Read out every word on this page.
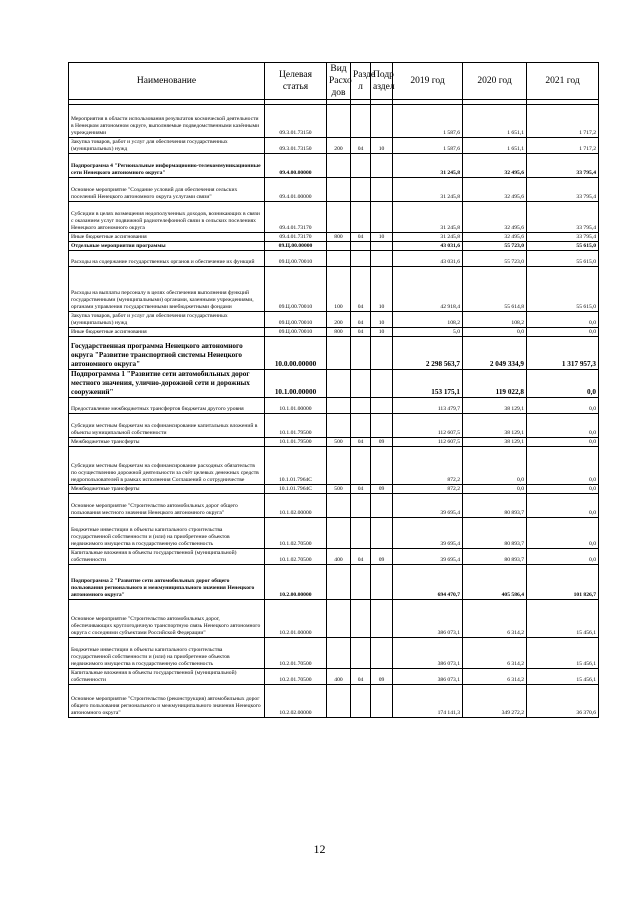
Наименование	Целевая статья	Вид Расхо дов	Разде л	Подр аздел	2019 год	2020 год	2021 год

Мероприятия в области использования результатов космической деятельности в Ненецком автономном округе, выполняемые подведомственными казёнными учреждениями	09.3.01.73150				1 587,6	1 651,1	1 717,2
Закупка товаров, работ и услуг для обеспечения государственных (муниципальных) нужд	09.3.01.73150	200	04	10	1 587,6	1 651,1	1 717,2
Подпрограмма 4 "Региональные информационно-телекоммуникационные сети Ненецкого автономного округа"	09.4.00.00000				31 245,8	32 495,6	33 795,4
Основное мероприятие "Создание условий для обеспечения сельских поселений Ненецкого автономного округа услугами связи"	09.4.01.00000				31 245,8	32 495,6	33 795,4
Субсидии в целях возмещения недополученных доходов, возникающих в связи с оказанием услуг подвижной радиотелефонной связи в сельских поселениях Ненецкого автономного округа	09.4.01.73170				31 245,8	32 495,6	33 795,4
Иные бюджетные ассигнования	09.4.01.73170	800	04	10	31 245,8	32 495,6	33 795,4
Отдельные мероприятия программы	09.Ц.00.00000				43 031,6	55 723,0	55 615,0
Расходы на содержание государственных органов и обеспечение их функций	09.Ц.00.70010				43 031,6	55 723,0	55 615,0
Расходы на выплаты персоналу в целях обеспечения выполнения функций государственными (муниципальными) органами, казенными учреждениями, органами управления государственными внебюджетными фондами	09.Ц.00.70010	100	04	10	42 918,4	55 614,8	55 615,0
Закупка товаров, работ и услуг для обеспечения государственных (муниципальных) нужд	09.Ц.00.70010	200	04	10	108,2	108,2	0,0
Иные бюджетные ассигнования	09.Ц.00.70010	800	04	10	5,0	0,0	0,0
Государственная программа Ненецкого автономного округа "Развитие транспортной системы Ненецкого автономного округа"	10.0.00.00000				2 298 563,7	2 049 334,9	1 317 957,3
Подпрограмма 1 "Развитие сети автомобильных дорог местного значения, улично-дорожной сети и дорожных сооружений"	10.1.00.00000				153 175,1	119 022,8	0,0
Предоставление межбюджетных трансфертов бюджетам другого уровня	10.1.01.00000				113 479,7	38 129,1	0,0
Субсидии местным бюджетам на софинансирование капитальных вложений в объекты муниципальной собственности	10.1.01.79500				112 607,5	38 129,1	0,0
Межбюджетные трансферты	10.1.01.79500	500	04	09	112 607,5	38 129,1	0,0
Субсидии местным бюджетам на софинансирование расходных обязательств по осуществлению дорожной деятельности за счёт целевых денежных средств недропользователей в рамках исполнения Соглашений о сотрудничестве	10.1.01.7964С				872,2	0,0	0,0
Межбюджетные трансферты	10.1.01.7964С	500	04	09	872,2	0,0	0,0
Основное мероприятие "Строительство автомобильных дорог общего пользования местного значения Ненецкого автономного округа"	10.1.02.00000				39 695,4	80 893,7	0,0
Бюджетные инвестиции в объекты капитального строительства государственной собственности и (или) на приобретение объектов недвижимого имущества в государственную собственность	10.1.02.70500				39 695,4	80 893,7	0,0
Капитальные вложения в объекты государственной (муниципальной) собственности	10.1.02.70500	400	04	09	39 695,4	80 893,7	0,0
Подпрограмма 2 "Развитие сети автомобильных дорог общего пользования регионального и межмуниципального значения Ненецкого автономного округа"	10.2.00.00000				694 470,7	405 586,4	101 826,7
Основное мероприятие "Строительство автомобильных дорог, обеспечивающих круглогодичную транспортную связь Ненецкого автономного округа с соседними субъектами Российской Федерации"	10.2.01.00000				386 073,1	6 314,2	15 456,1
Бюджетные инвестиции в объекты капитального строительства государственной собственности и (или) на приобретение объектов недвижимого имущества в государственную собственность	10.2.01.70500				386 073,1	6 314,2	15 456,1
Капитальные вложения в объекты государственной (муниципальной) собственности	10.2.01.70500	400	04	09	386 073,1	6 314,2	15 456,1
Основное мероприятие "Строительство (реконструкция) автомобильных дорог общего пользования регионального и межмуниципального значения Ненецкого автономного округа"	10.2.02.00000				174 141,3	349 272,2	36 370,6
12
